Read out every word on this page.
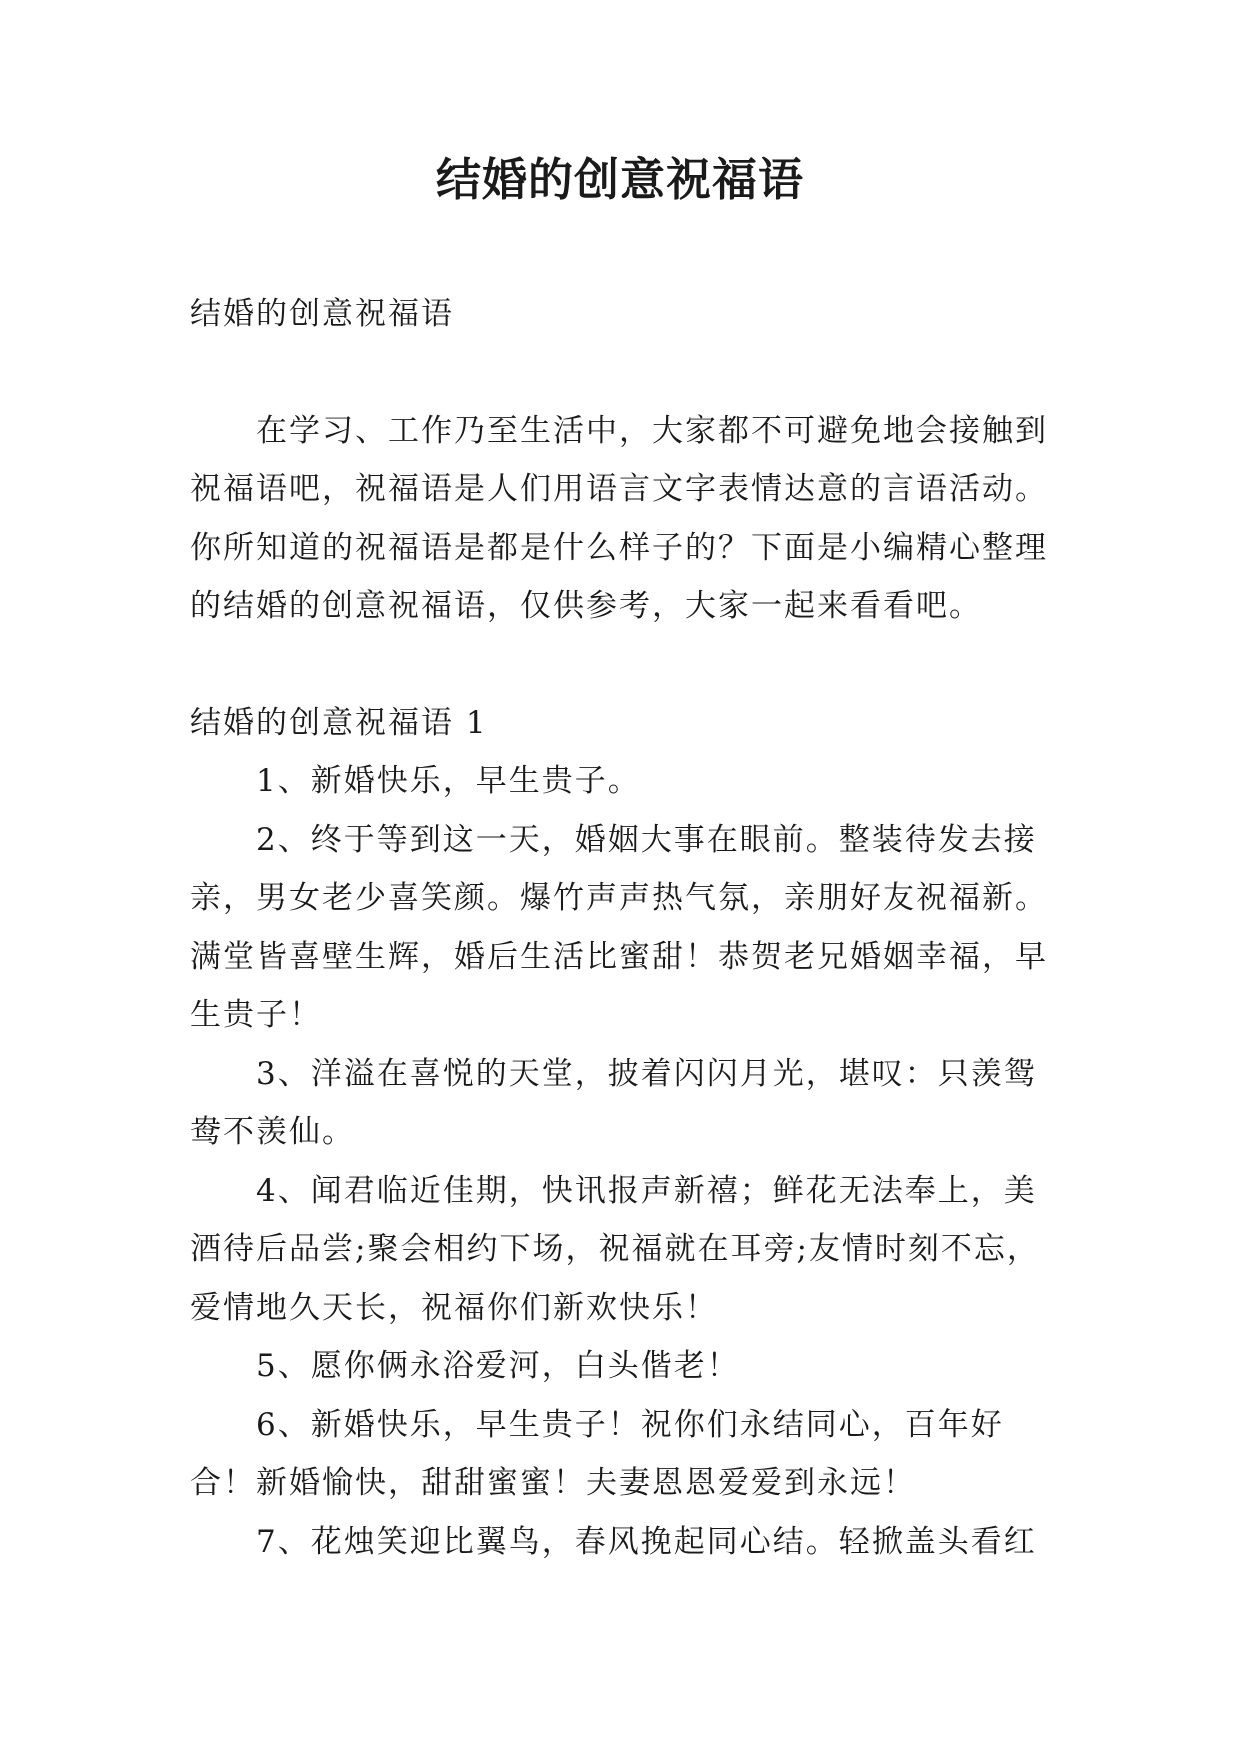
结婚的创意祝福语

结婚的创意祝福语

在学习、工作乃至生活中，大家都不可避免地会接触到祝福语吧，祝福语是人们用语言文字表情达意的言语活动。你所知道的祝福语是都是什么样子的？下面是小编精心整理的结婚的创意祝福语，仅供参考，大家一起来看看吧。

结婚的创意祝福语 1

1、新婚快乐，早生贵子。

2、终于等到这一天，婚姻大事在眼前。整装待发去接亲，男女老少喜笑颜。爆竹声声热气氛，亲朋好友祝福新。满堂皆喜壁生辉，婚后生活比蜜甜！恭贺老兄婚姻幸福，早生贵子！

3、洋溢在喜悦的天堂，披着闪闪月光，堪叹：只羡鸳鸯不羡仙。

4、闻君临近佳期，快讯报声新禧；鲜花无法奉上，美酒待后品尝;聚会相约下场，祝福就在耳旁;友情时刻不忘，爱情地久天长，祝福你们新欢快乐！

5、愿你俩永浴爱河，白头偕老！

6、新婚快乐，早生贵子！祝你们永结同心，百年好合！新婚愉快，甜甜蜜蜜！夫妻恩恩爱爱到永远！

7、花烛笑迎比翼鸟，春风挽起同心结。轻掀盖头看红
